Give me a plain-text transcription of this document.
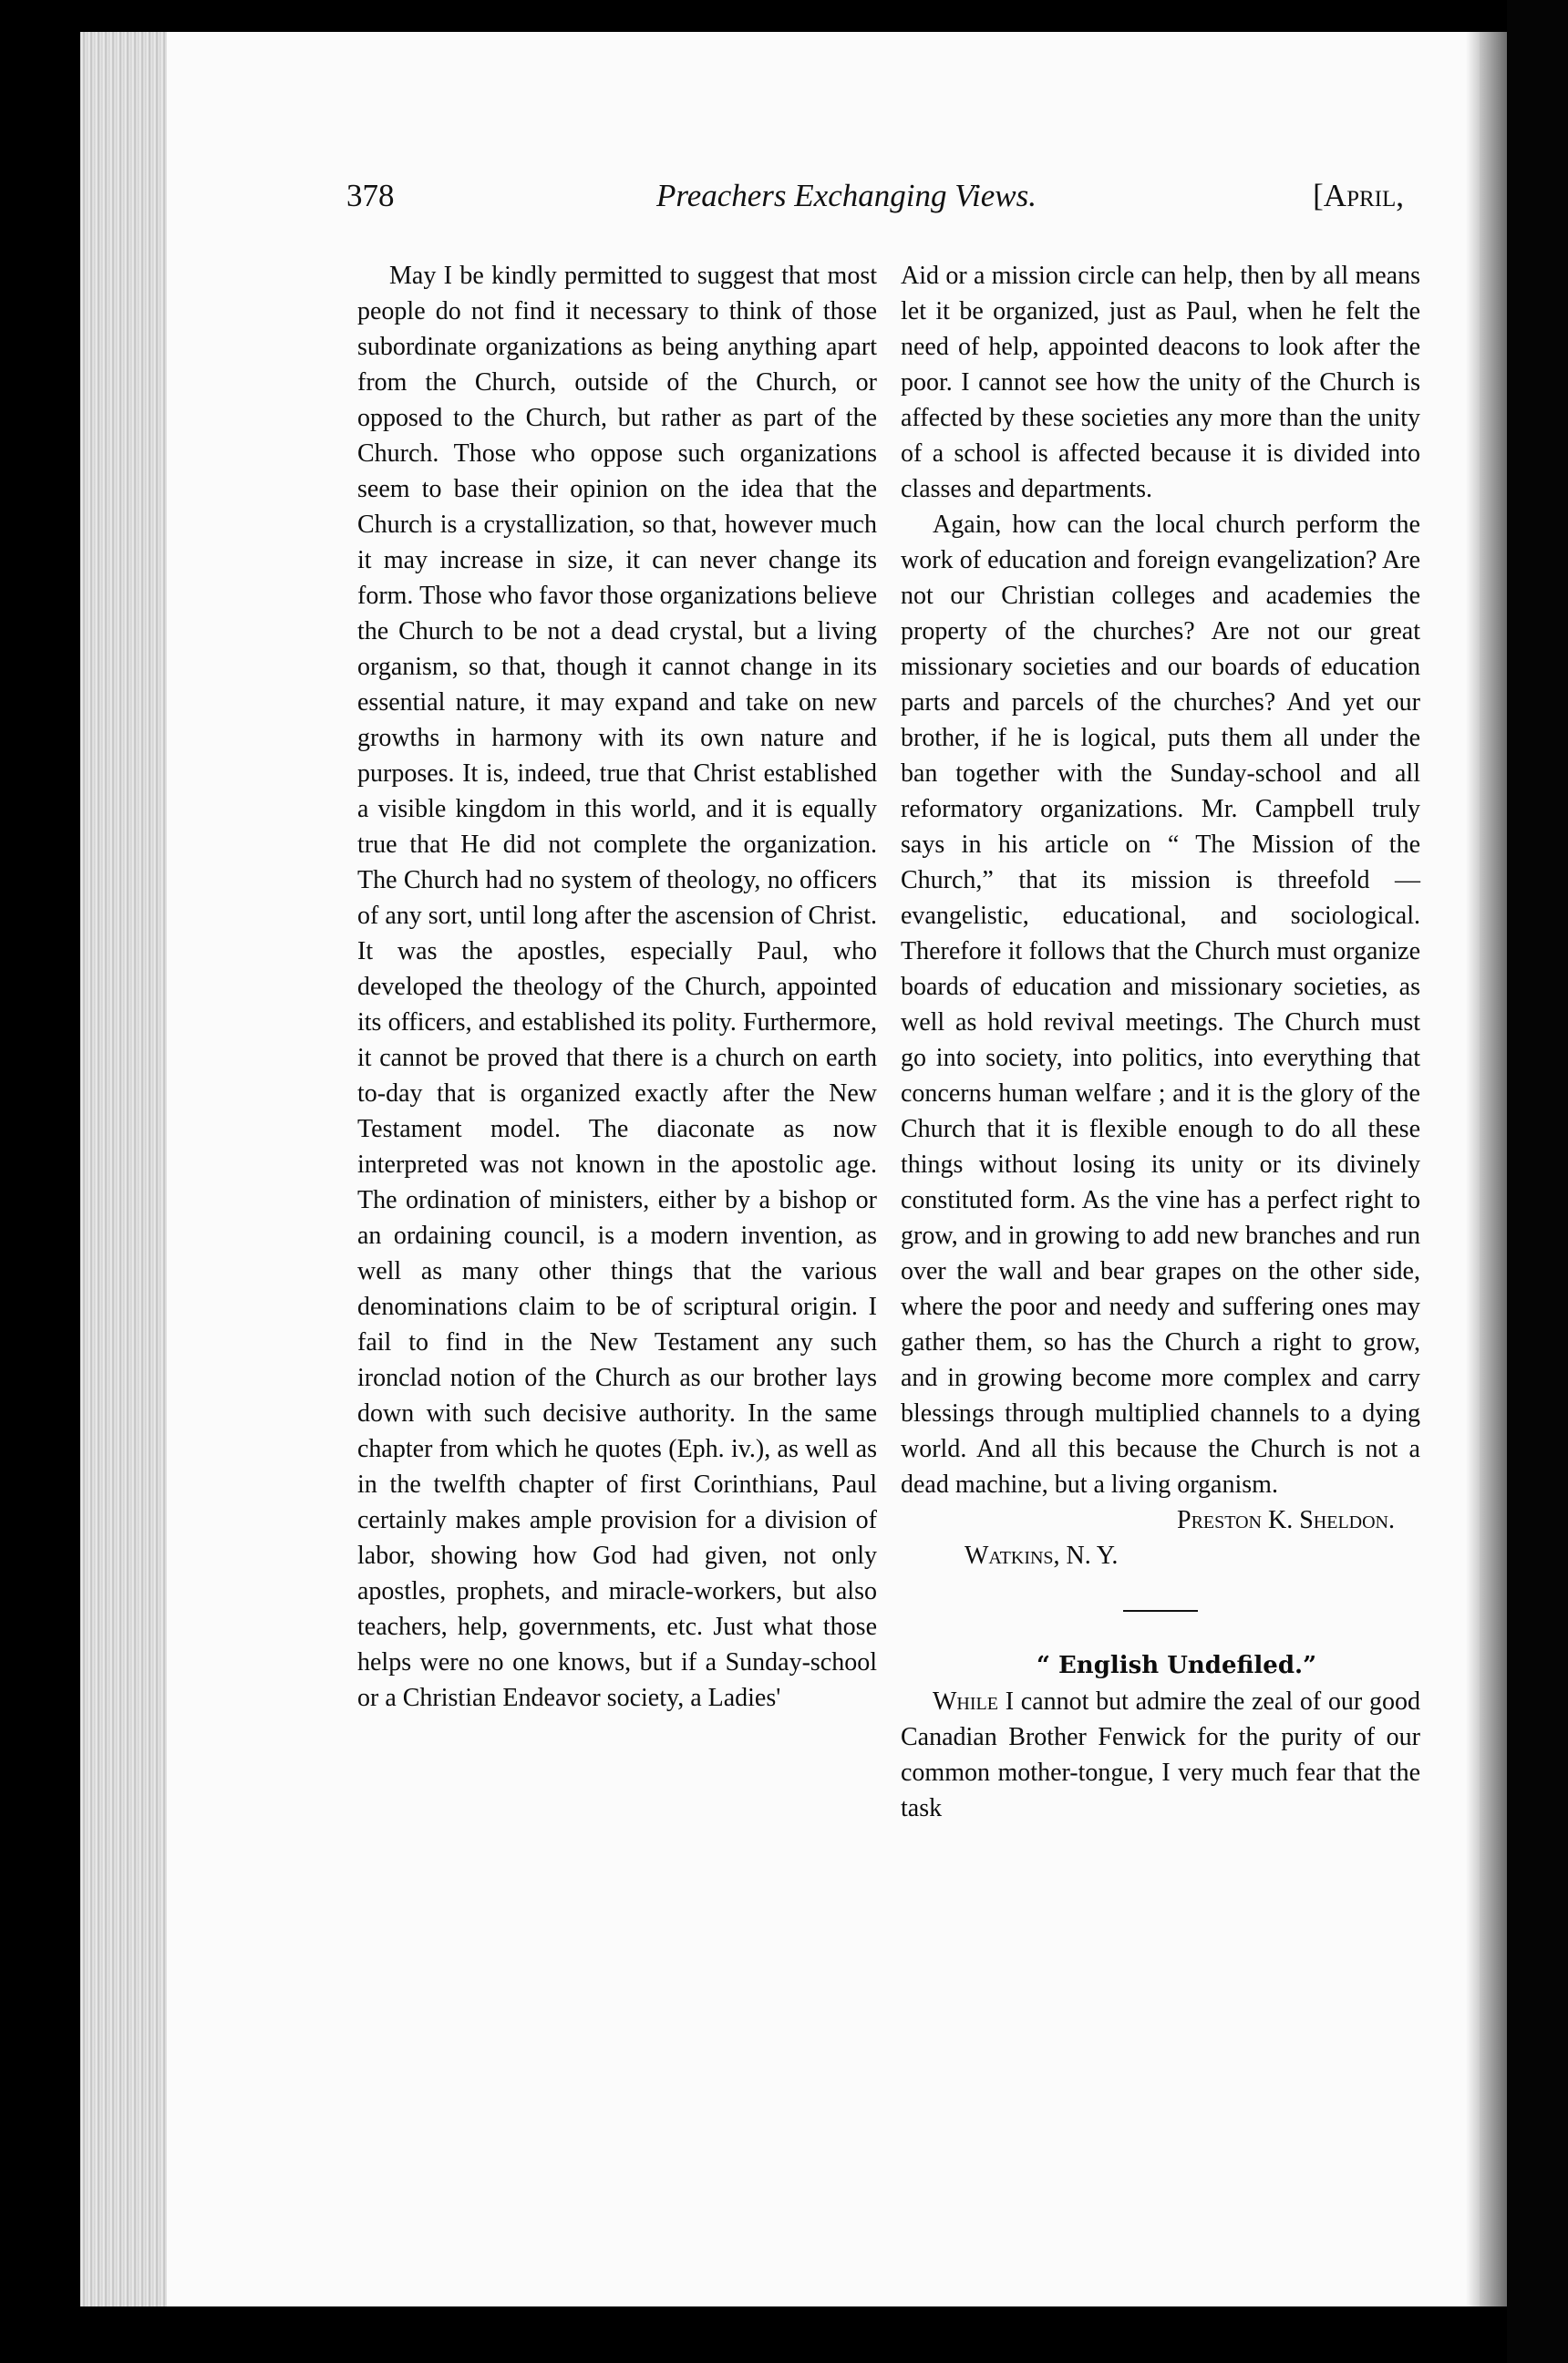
378	Preachers Exchanging Views.	[April,

May I be kindly permitted to suggest that most people do not find it necessary to think of those subordinate organizations as being anything apart from the Church, outside of the Church, or opposed to the Church, but rather as part of the Church. Those who oppose such organizations seem to base their opinion on the idea that the Church is a crystallization, so that, however much it may increase in size, it can never change its form. Those who favor those organizations believe the Church to be not a dead crystal, but a living organism, so that, though it cannot change in its essential nature, it may expand and take on new growths in harmony with its own nature and purposes. It is, indeed, true that Christ established a visible kingdom in this world, and it is equally true that He did not complete the organization. The Church had no system of theology, no officers of any sort, until long after the ascension of Christ. It was the apostles, especially Paul, who developed the theology of the Church, appointed its officers, and established its polity. Furthermore, it cannot be proved that there is a church on earth to-day that is organized exactly after the New Testament model. The diaconate as now interpreted was not known in the apostolic age. The ordination of ministers, either by a bishop or an ordaining council, is a modern invention, as well as many other things that the various denominations claim to be of scriptural origin. I fail to find in the New Testament any such ironclad notion of the Church as our brother lays down with such decisive authority. In the same chapter from which he quotes (Eph. iv.), as well as in the twelfth chapter of first Corinthians, Paul certainly makes ample provision for a division of labor, showing how God had given, not only apostles, prophets, and miracle-workers, but also teachers, help, governments, etc. Just what those helps were no one knows, but if a Sunday-school or a Christian Endeavor society, a Ladies'

Aid or a mission circle can help, then by all means let it be organized, just as Paul, when he felt the need of help, appointed deacons to look after the poor. I cannot see how the unity of the Church is affected by these societies any more than the unity of a school is affected because it is divided into classes and departments.

Again, how can the local church perform the work of education and foreign evangelization? Are not our Christian colleges and academies the property of the churches? Are not our great missionary societies and our boards of education parts and parcels of the churches? And yet our brother, if he is logical, puts them all under the ban together with the Sunday-school and all reformatory organizations. Mr. Campbell truly says in his article on “ The Mission of the Church,” that its mission is threefold — evangelistic, educational, and sociological. Therefore it follows that the Church must organize boards of education and missionary societies, as well as hold revival meetings. The Church must go into society, into politics, into everything that concerns human welfare ; and it is the glory of the Church that it is flexible enough to do all these things without losing its unity or its divinely constituted form. As the vine has a perfect right to grow, and in growing to add new branches and run over the wall and bear grapes on the other side, where the poor and needy and suffering ones may gather them, so has the Church a right to grow, and in growing become more complex and carry blessings through multiplied channels to a dying world. And all this because the Church is not a dead machine, but a living organism.

Preston K. Sheldon.

Watkins, N. Y.

“ English Undefiled.”

While I cannot but admire the zeal of our good Canadian Brother Fenwick for the purity of our common mother-tongue, I very much fear that the task
